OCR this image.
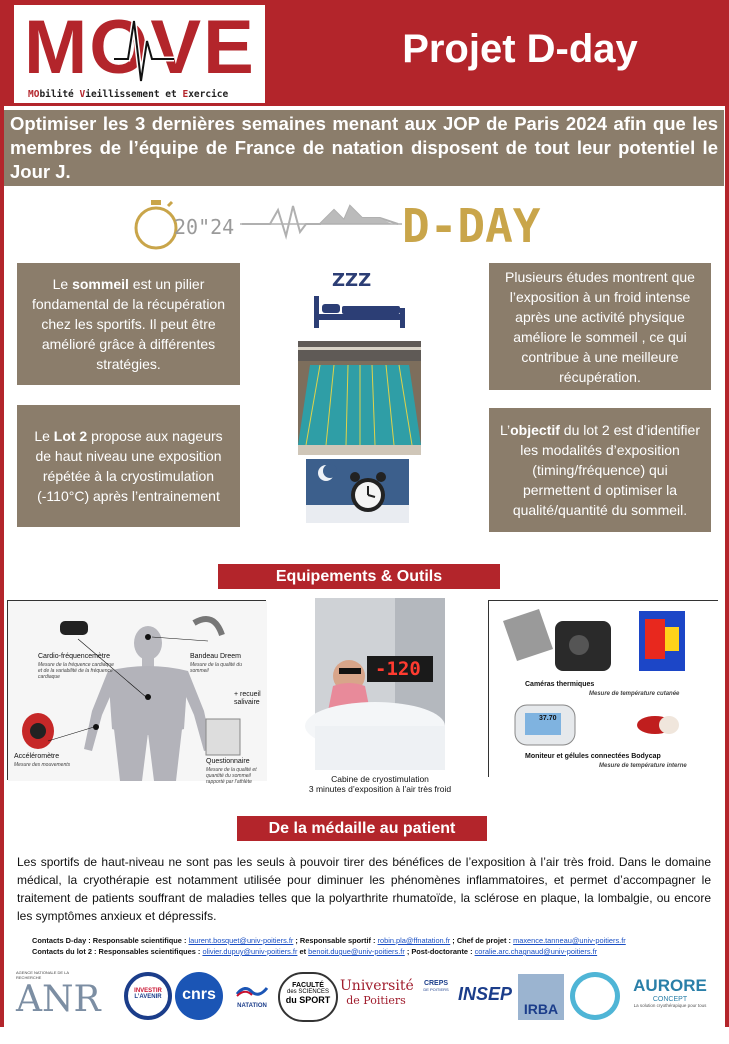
MOVE
MObilité Vieillissement et Exercice
Projet D-day
Optimiser les 3 dernières semaines menant aux JOP de Paris 2024 afin que les membres de l’équipe de France de natation disposent de tout leur potentiel le Jour J.
20"24	D-DAY
Le sommeil est un pilier fondamental de la récupération chez les sportifs. Il peut être amélioré grâce à différentes stratégies.
Le Lot 2 propose aux nageurs de haut niveau une exposition répétée à la cryostimulation (-110°C) après l’entrainement
Plusieurs études montrent que l’exposition à un froid intense après une activité physique améliore le sommeil , ce qui contribue à une meilleure récupération.
L’objectif du lot 2 est d’identifier les modalités d’exposition (timing/fréquence) qui permettent d optimiser la qualité/quantité du sommeil.
ZZZ
Equipements & Outils
Cardio-fréquencemètre
Mesure de la fréquence cardiaque et de la variabilité de la fréquence cardiaque
Bandeau Dreem
Mesure de la qualité du sommeil
+ recueil salivaire
Accéléromètre
Mesure des mouvements	Questionnaire
Mesure de la qualité et quantité du sommeil rapporté par l’athlète
-120
Cabine de cryostimulation
3 minutes d’exposition à l’air très froid
37.70
Caméras thermiques
Mesure de température cutanée
Moniteur et gélules connectées Bodycap
Mesure de température interne
De la médaille au patient
Les sportifs de haut-niveau ne sont pas les seuls à pouvoir tirer des bénéfices de l’exposition à l’air très froid. Dans le domaine médical, la cryothérapie est notamment utilisée pour diminuer les phénomènes inflammatoires, et permet d’accompagner le traitement de patients souffrant de maladies telles que la polyarthrite rhumatoïde, la sclérose en plaque, la lombalgie, ou encore les symptômes anxieux et dépressifs.
Contacts D-day : Responsable scientifique : laurent.bosquet@univ-poitiers.fr ; Responsable sportif : robin.pla@ffnatation.fr ; Chef de projet : maxence.tanneau@univ-poitiers.fr
Contacts du lot 2 : Responsables scientifiques : olivier.dupuy@univ-poitiers.fr et benoit.dugue@univ-poitiers.fr ; Post-doctorante : coralie.arc.chagnaud@univ-poitiers.fr
AGENCE NATIONALE DE LA RECHERCHE
ANR	INVESTIR
L’AVENIR	cnrs
NATATION
FACULTÉ
des SCIENCES
du SPORT
Université
de Poitiers
CREPS
DE POITIERS INSEP
IRBA
AURORE
CONCEPT
La solution cryothérapique pour tous
